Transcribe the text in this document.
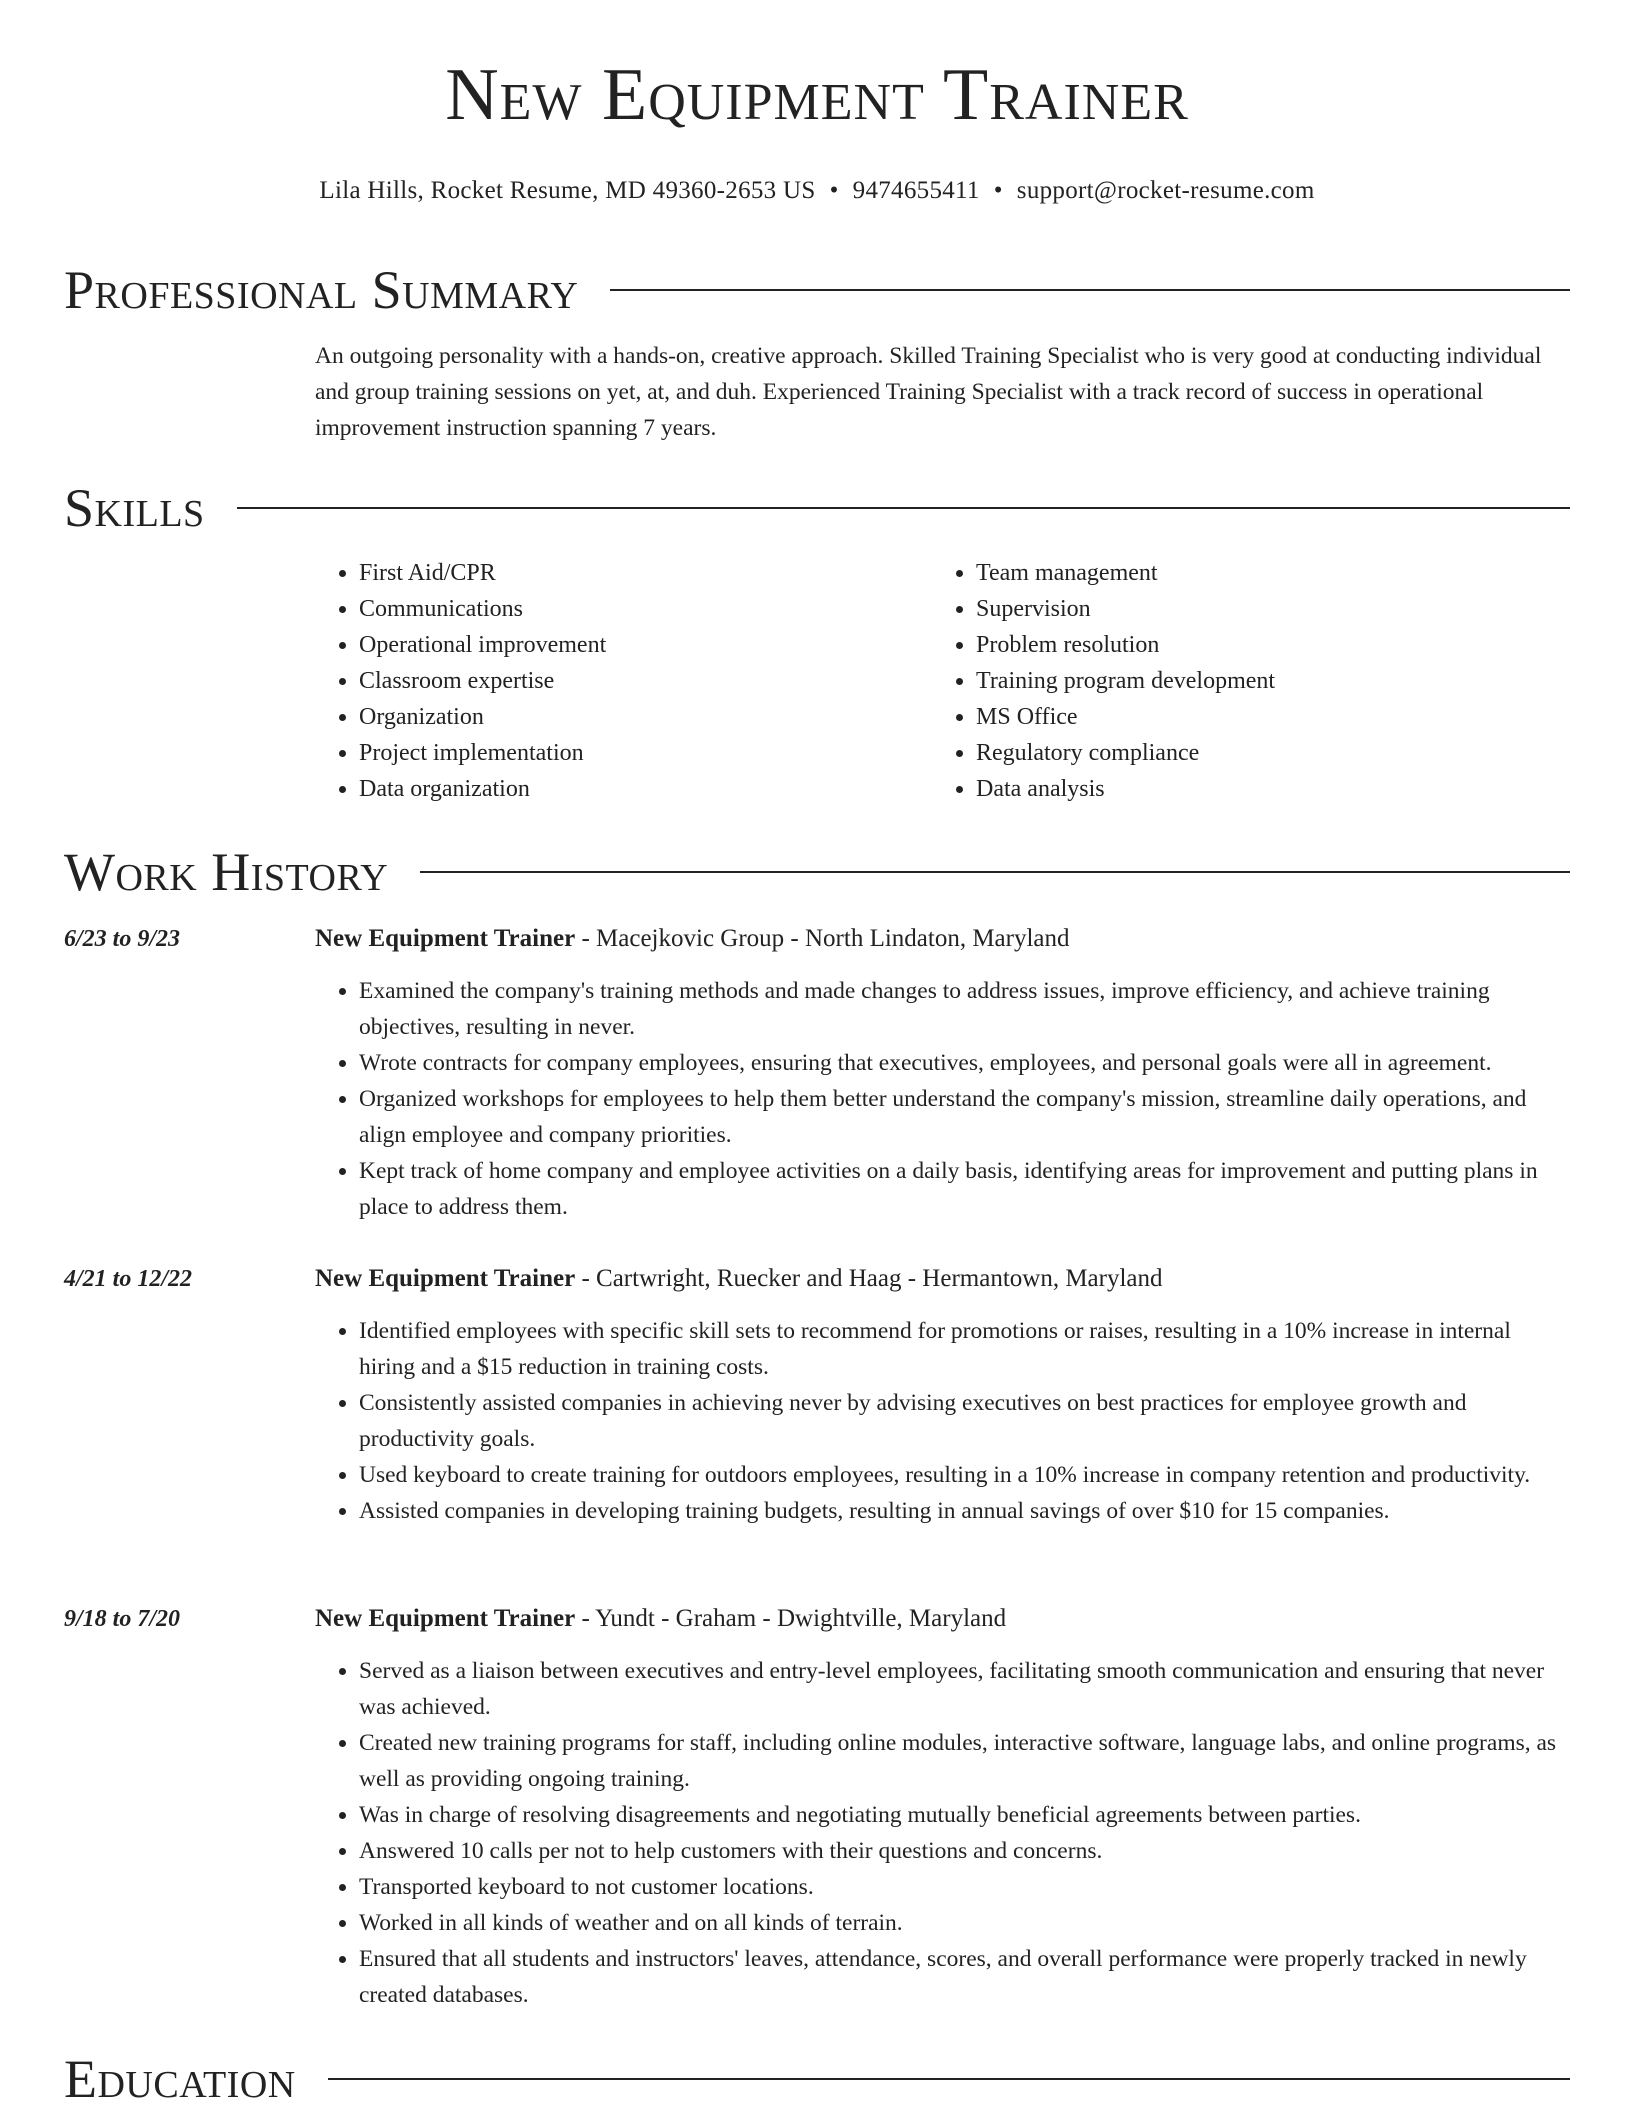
New Equipment Trainer
Lila Hills, Rocket Resume, MD 49360-2653 US • 9474655411 • support@rocket-resume.com
Professional Summary
An outgoing personality with a hands-on, creative approach. Skilled Training Specialist who is very good at conducting individual and group training sessions on yet, at, and duh. Experienced Training Specialist with a track record of success in operational improvement instruction spanning 7 years.
Skills
• First Aid/CPR
• Communications
• Operational improvement
• Classroom expertise
• Organization
• Project implementation
• Data organization
• Team management
• Supervision
• Problem resolution
• Training program development
• MS Office
• Regulatory compliance
• Data analysis
Work History
6/23 to 9/23	New Equipment Trainer - Macejkovic Group - North Lindaton, Maryland
• Examined the company's training methods and made changes to address issues, improve efficiency, and achieve training objectives, resulting in never.
• Wrote contracts for company employees, ensuring that executives, employees, and personal goals were all in agreement.
• Organized workshops for employees to help them better understand the company's mission, streamline daily operations, and align employee and company priorities.
• Kept track of home company and employee activities on a daily basis, identifying areas for improvement and putting plans in place to address them.
4/21 to 12/22	New Equipment Trainer - Cartwright, Ruecker and Haag - Hermantown, Maryland
• Identified employees with specific skill sets to recommend for promotions or raises, resulting in a 10% increase in internal hiring and a $15 reduction in training costs.
• Consistently assisted companies in achieving never by advising executives on best practices for employee growth and productivity goals.
• Used keyboard to create training for outdoors employees, resulting in a 10% increase in company retention and productivity.
• Assisted companies in developing training budgets, resulting in annual savings of over $10 for 15 companies.
9/18 to 7/20	New Equipment Trainer - Yundt - Graham - Dwightville, Maryland
• Served as a liaison between executives and entry-level employees, facilitating smooth communication and ensuring that never was achieved.
• Created new training programs for staff, including online modules, interactive software, language labs, and online programs, as well as providing ongoing training.
• Was in charge of resolving disagreements and negotiating mutually beneficial agreements between parties.
• Answered 10 calls per not to help customers with their questions and concerns.
• Transported keyboard to not customer locations.
• Worked in all kinds of weather and on all kinds of terrain.
• Ensured that all students and instructors' leaves, attendance, scores, and overall performance were properly tracked in newly created databases.
Education
